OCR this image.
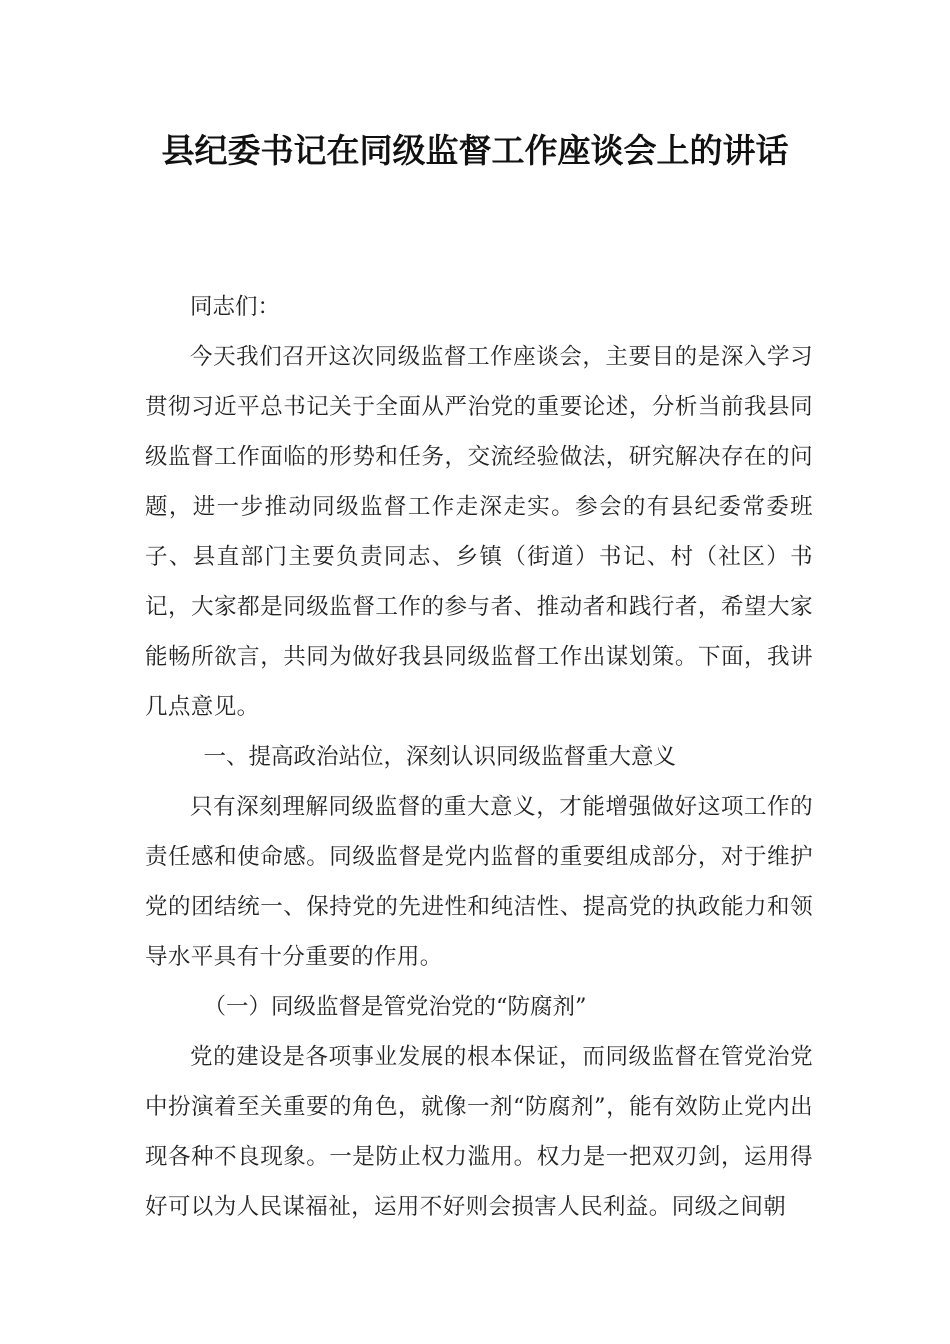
县纪委书记在同级监督工作座谈会上的讲话

同志们：

今天我们召开这次同级监督工作座谈会，主要目的是深入学习贯彻习近平总书记关于全面从严治党的重要论述，分析当前我县同级监督工作面临的形势和任务，交流经验做法，研究解决存在的问题，进一步推动同级监督工作走深走实。参会的有县纪委常委班子、县直部门主要负责同志、乡镇（街道）书记、村（社区）书记，大家都是同级监督工作的参与者、推动者和践行者，希望大家能畅所欲言，共同为做好我县同级监督工作出谋划策。下面，我讲几点意见。

一、提高政治站位，深刻认识同级监督重大意义

只有深刻理解同级监督的重大意义，才能增强做好这项工作的责任感和使命感。同级监督是党内监督的重要组成部分，对于维护党的团结统一、保持党的先进性和纯洁性、提高党的执政能力和领导水平具有十分重要的作用。

（一）同级监督是管党治党的“防腐剂”

党的建设是各项事业发展的根本保证，而同级监督在管党治党中扮演着至关重要的角色，就像一剂“防腐剂”，能有效防止党内出现各种不良现象。一是防止权力滥用。权力是一把双刃剑，运用得好可以为人民谋福祉，运用不好则会损害人民利益。同级之间朝
